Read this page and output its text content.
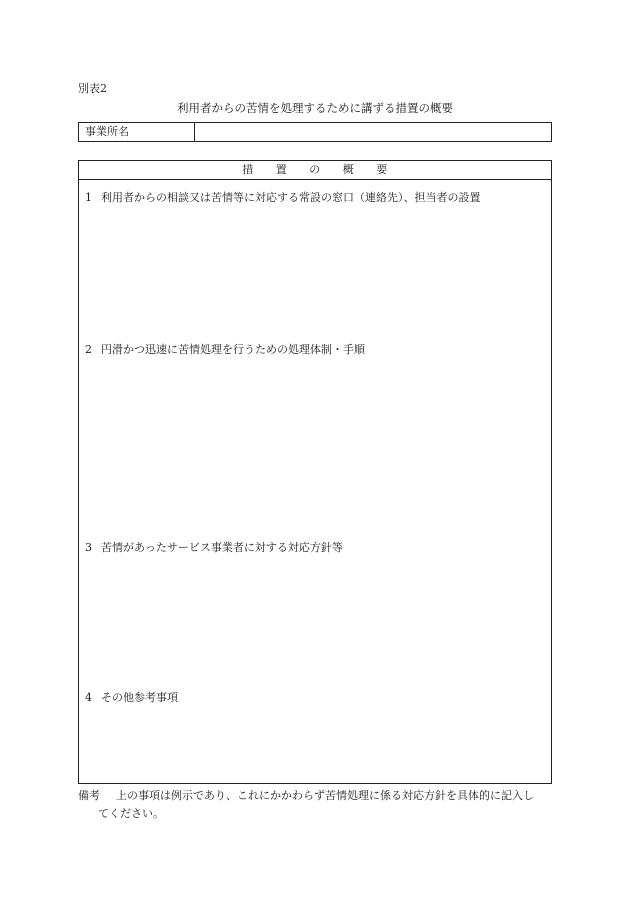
別表2
利用者からの苦情を処理するために講ずる措置の概要
事業所名
措 置 の 概 要
1 利用者からの相談又は苦情等に対応する常設の窓口（連絡先）、担当者の設置
2 円滑かつ迅速に苦情処理を行うための処理体制・手順
3 苦情があったサービス事業者に対する対応方針等
4 その他参考事項
備考 上の事項は例示であり、これにかかわらず苦情処理に係る対応方針を具体的に記入し
てください。
